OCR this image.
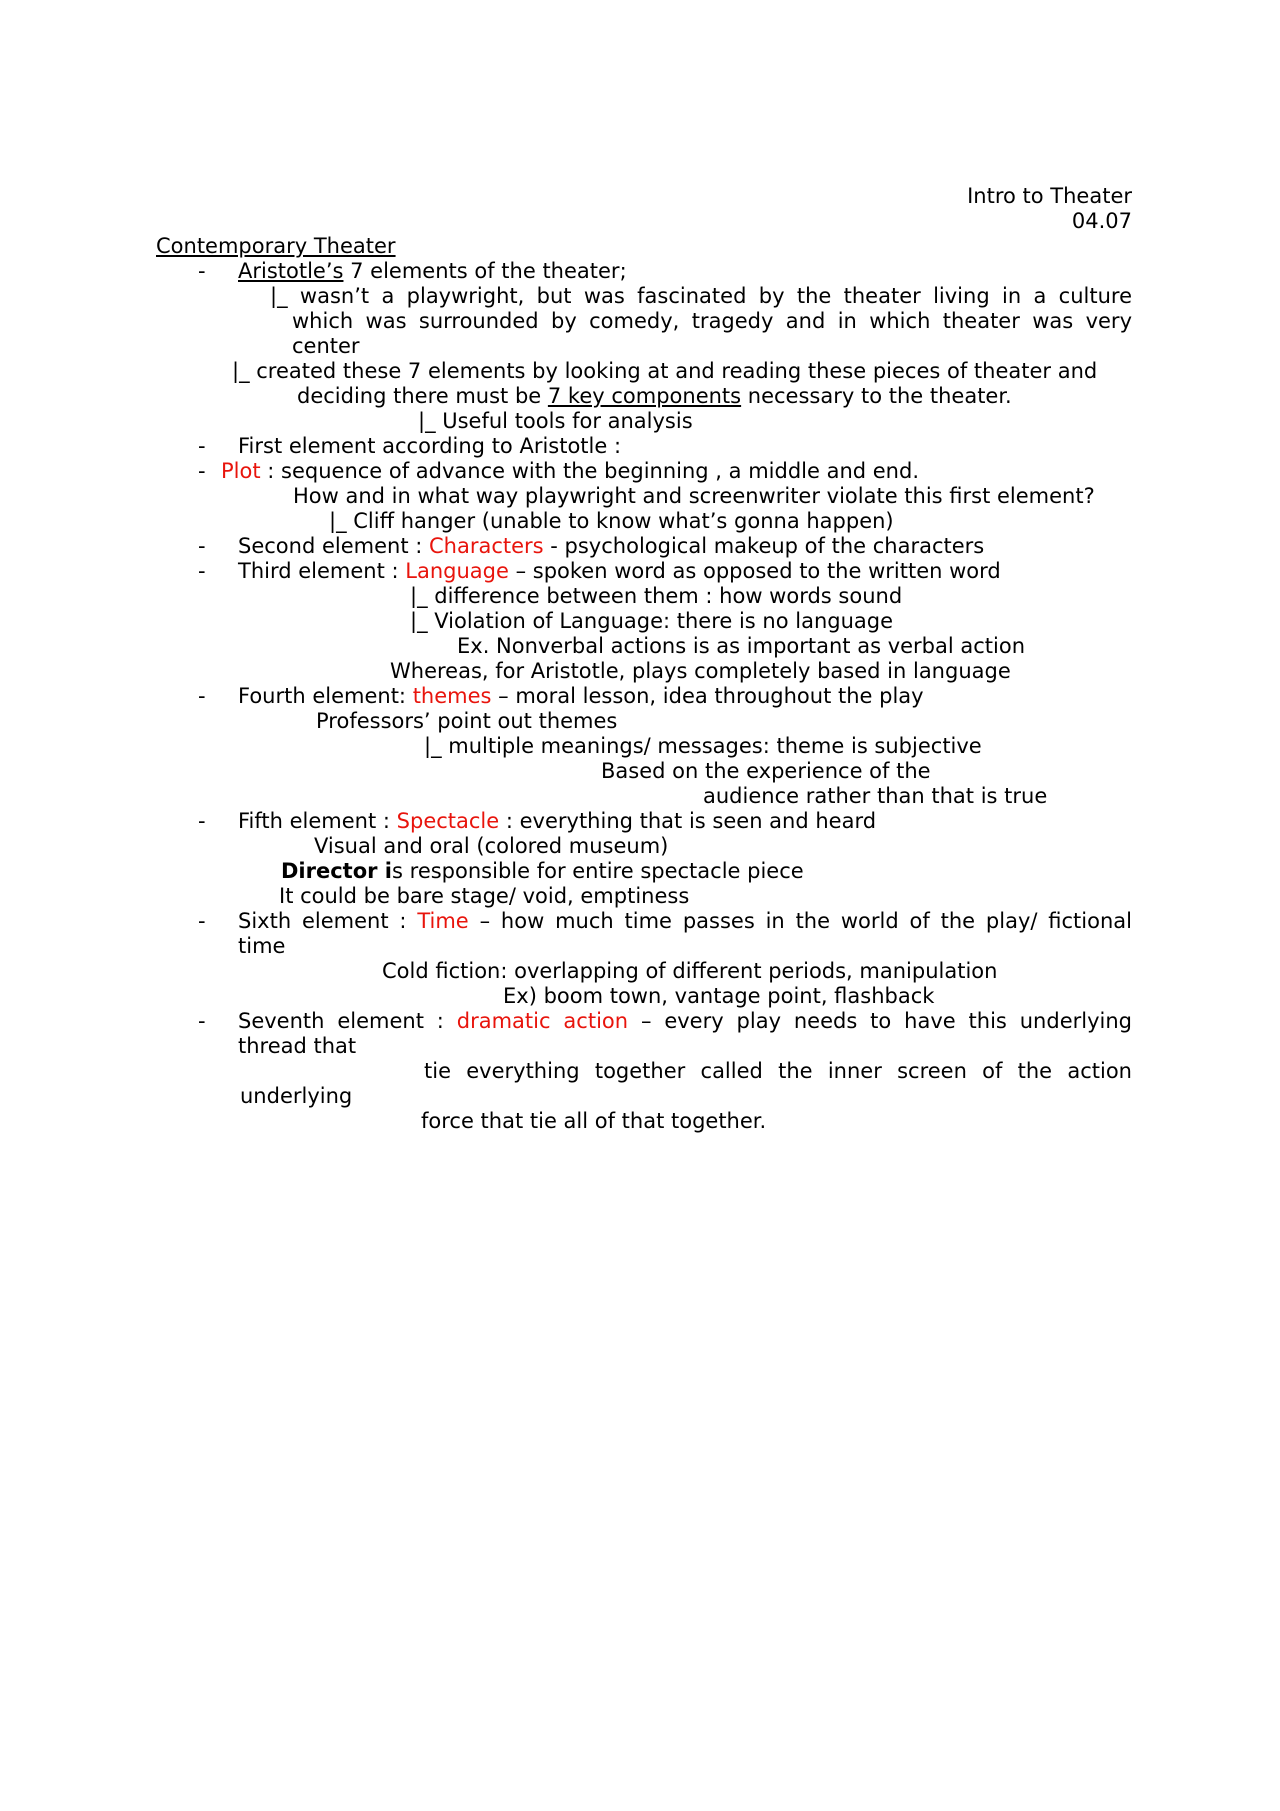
Intro to Theater
04.07
Contemporary Theater
- Aristotle’s 7 elements of the theater;
|_ wasn’t a playwright, but was fascinated by the theater living in a culture
which was surrounded by comedy, tragedy and in which theater was very
center
|_ created these 7 elements by looking at and reading these pieces of theater and
deciding there must be 7 key components necessary to the theater.
|_ Useful tools for analysis
- First element according to Aristotle :
- Plot : sequence of advance with the beginning , a middle and end.
How and in what way playwright and screenwriter violate this first element?
|_ Cliff hanger (unable to know what’s gonna happen)
- Second element : Characters - psychological makeup of the characters
- Third element : Language – spoken word as opposed to the written word
|_ difference between them : how words sound
|_ Violation of Language: there is no language
Ex. Nonverbal actions is as important as verbal action
Whereas, for Aristotle, plays completely based in language
- Fourth element: themes – moral lesson, idea throughout the play
Professors’ point out themes
|_ multiple meanings/ messages: theme is subjective
Based on the experience of the
audience rather than that is true
- Fifth element : Spectacle : everything that is seen and heard
Visual and oral (colored museum)
Director is responsible for entire spectacle piece
It could be bare stage/ void, emptiness
- Sixth element : Time – how much time passes in the world of the play/ fictional
time
Cold fiction: overlapping of different periods, manipulation
Ex) boom town, vantage point, flashback
- Seventh element : dramatic action – every play needs to have this underlying
thread that
tie everything together called the inner screen of the action
underlying
force that tie all of that together.
